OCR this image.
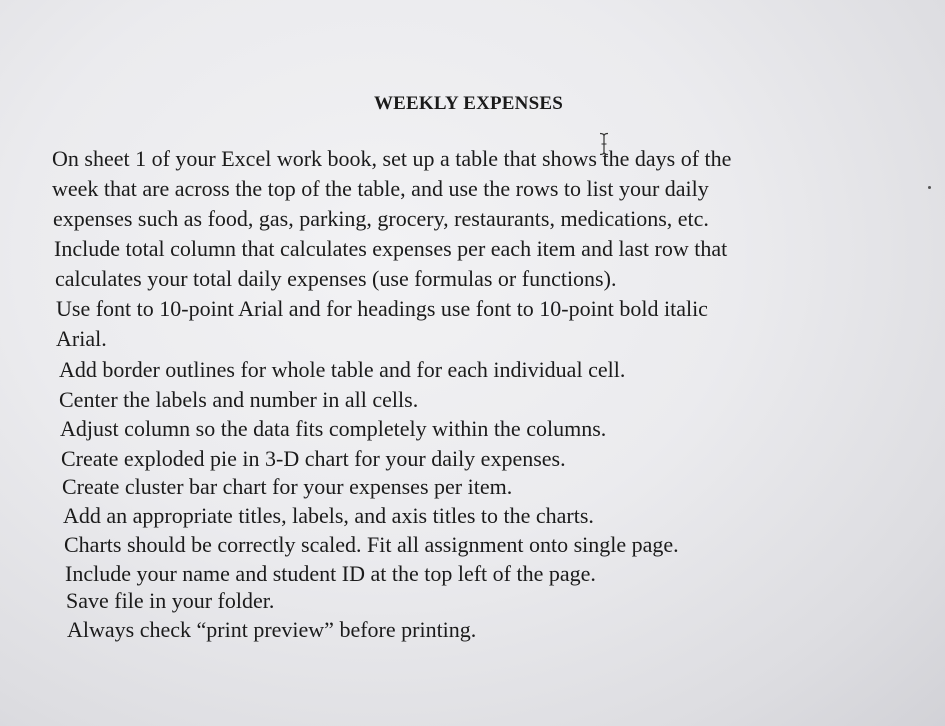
WEEKLY EXPENSES
On sheet 1 of your Excel work book, set up a table that shows the days of the
week that are across the top of the table, and use the rows to list your daily
expenses such as food, gas, parking, grocery, restaurants, medications, etc.
Include total column that calculates expenses per each item and last row that
calculates your total daily expenses (use formulas or functions).
Use font to 10-point Arial and for headings use font to 10-point bold italic
Arial.
Add border outlines for whole table and for each individual cell.
Center the labels and number in all cells.
Adjust column so the data fits completely within the columns.
Create exploded pie in 3-D chart for your daily expenses.
Create cluster bar chart for your expenses per item.
Add an appropriate titles, labels, and axis titles to the charts.
Charts should be correctly scaled. Fit all assignment onto single page.
Include your name and student ID at the top left of the page.
Save file in your folder.
Always check “print preview” before printing.
